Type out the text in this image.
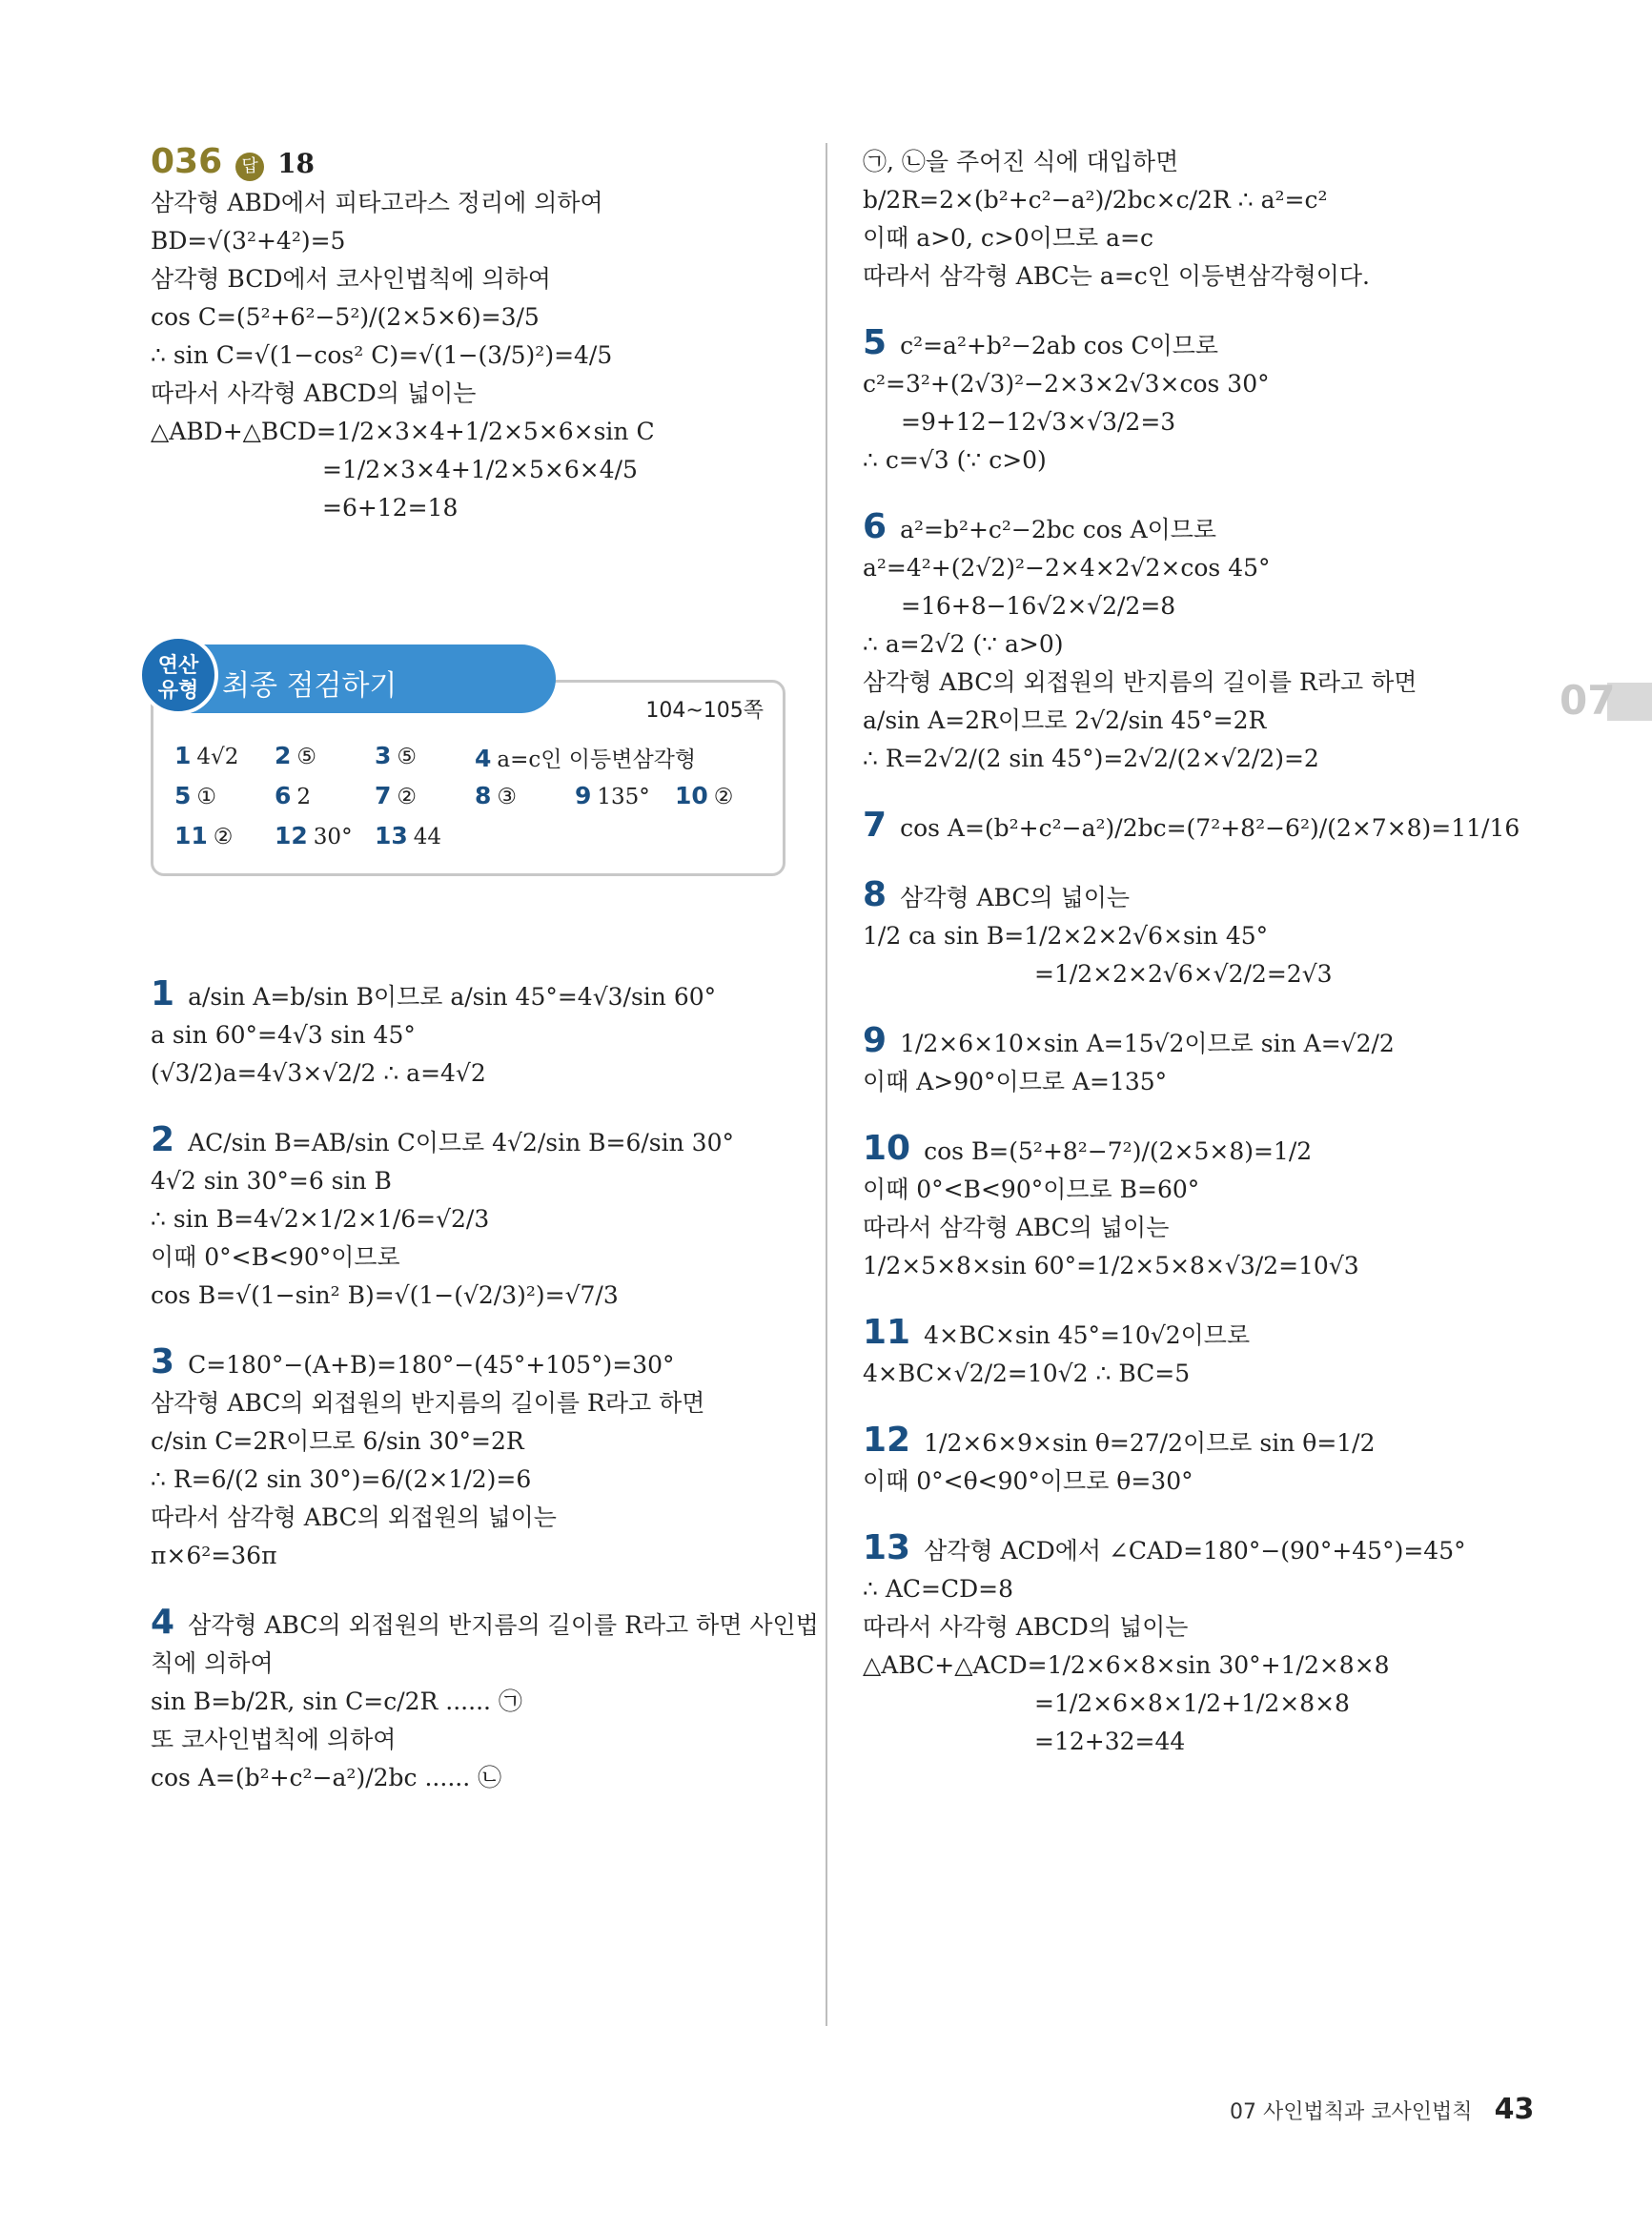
036 답 18
삼각형 ABD에서 피타고라스 정리에 의하여
BD=√(3²+4²)=5
삼각형 BCD에서 코사인법칙에 의하여
cos C=(5²+6²−5²)/(2×5×6)=3/5
∴ sin C=√(1−cos² C)=√(1−(3/5)²)=4/5
따라서 사각형 ABCD의 넓이는
△ABD+△BCD=1/2×3×4+1/2×5×6×sin C
=1/2×3×4+1/2×5×6×4/5
=6+12=18
연산
유형 최종 점검하기
104~105쪽
1 4√2 2 ⑤ 3 ⑤ 4 a=c인 이등변삼각형
5 ① 6 2	7 ② 8 ③ 9 135° 10 ②
11 ② 12 30° 13 44
1 a/sin A=b/sin B이므로 a/sin 45°=4√3/sin 60°
a sin 60°=4√3 sin 45°
(√3/2)a=4√3×√2/2 ∴ a=4√2
2 AC/sin B=AB/sin C이므로 4√2/sin B=6/sin 30°
4√2 sin 30°=6 sin B
∴ sin B=4√2×1/2×1/6=√2/3
이때 0°<B<90°이므로
cos B=√(1−sin² B)=√(1−(√2/3)²)=√7/3
3 C=180°−(A+B)=180°−(45°+105°)=30°
삼각형 ABC의 외접원의 반지름의 길이를 R라고 하면
c/sin C=2R이므로 6/sin 30°=2R
∴ R=6/(2 sin 30°)=6/(2×1/2)=6
따라서 삼각형 ABC의 외접원의 넓이는
π×6²=36π
4 삼각형 ABC의 외접원의 반지름의 길이를 R라고 하면 사인법
칙에 의하여
sin B=b/2R, sin C=c/2R ...... ㉠
또 코사인법칙에 의하여
cos A=(b²+c²−a²)/2bc ...... ㉡
㉠, ㉡을 주어진 식에 대입하면
b/2R=2×(b²+c²−a²)/2bc×c/2R ∴ a²=c²
이때 a>0, c>0이므로 a=c
따라서 삼각형 ABC는 a=c인 이등변삼각형이다.
5 c²=a²+b²−2ab cos C이므로
c²=3²+(2√3)²−2×3×2√3×cos 30°
=9+12−12√3×√3/2=3
∴ c=√3 (∵ c>0)
6 a²=b²+c²−2bc cos A이므로
a²=4²+(2√2)²−2×4×2√2×cos 45°
=16+8−16√2×√2/2=8
∴ a=2√2 (∵ a>0)
삼각형 ABC의 외접원의 반지름의 길이를 R라고 하면
a/sin A=2R이므로 2√2/sin 45°=2R
∴ R=2√2/(2 sin 45°)=2√2/(2×√2/2)=2
7 cos A=(b²+c²−a²)/2bc=(7²+8²−6²)/(2×7×8)=11/16
8 삼각형 ABC의 넓이는
1/2 ca sin B=1/2×2×2√6×sin 45°
=1/2×2×2√6×√2/2=2√3
9 1/2×6×10×sin A=15√2이므로 sin A=√2/2
이때 A>90°이므로 A=135°
10 cos B=(5²+8²−7²)/(2×5×8)=1/2
이때 0°<B<90°이므로 B=60°
따라서 삼각형 ABC의 넓이는
1/2×5×8×sin 60°=1/2×5×8×√3/2=10√3
11 4×BC×sin 45°=10√2이므로
4×BC×√2/2=10√2 ∴ BC=5
12 1/2×6×9×sin θ=27/2이므로 sin θ=1/2
이때 0°<θ<90°이므로 θ=30°
13 삼각형 ACD에서 ∠CAD=180°−(90°+45°)=45°
∴ AC=CD=8
따라서 사각형 ABCD의 넓이는
△ABC+△ACD=1/2×6×8×sin 30°+1/2×8×8
=1/2×6×8×1/2+1/2×8×8
=12+32=44
07
07 사인법칙과 코사인법칙 43
